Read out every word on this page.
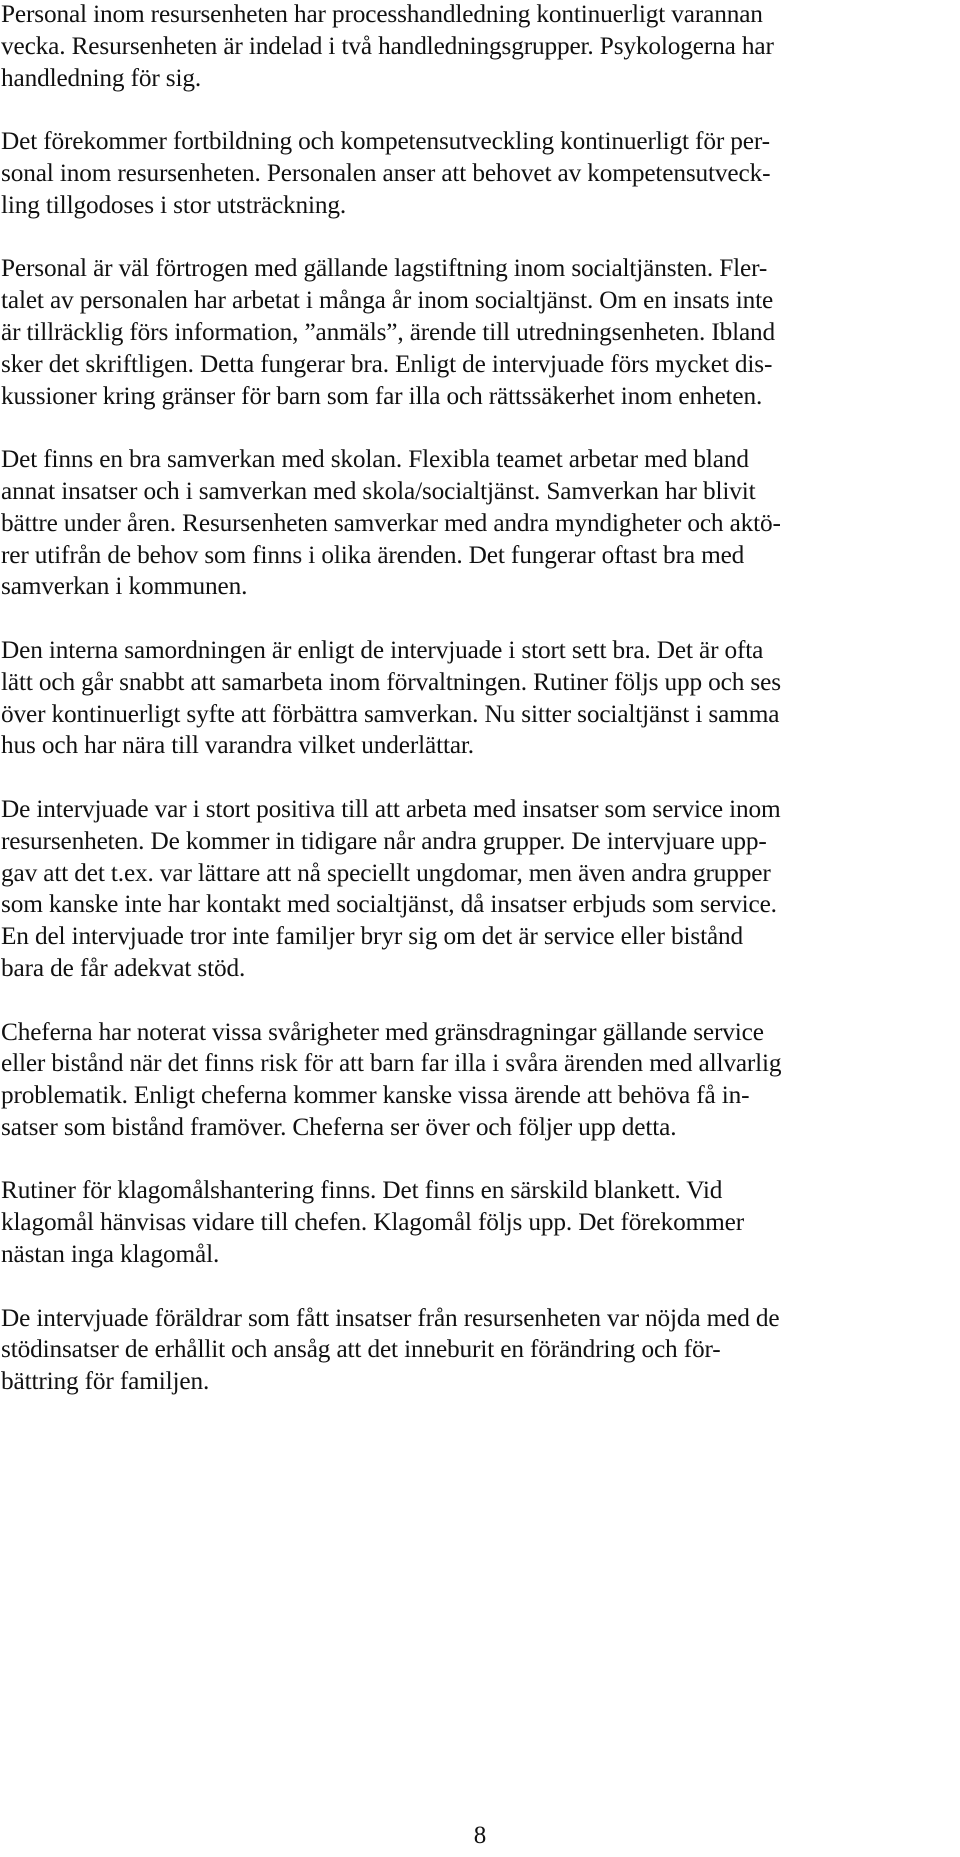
Personal inom resursenheten har processhandledning kontinuerligt varannan
vecka. Resursenheten är indelad i två handledningsgrupper. Psykologerna har
handledning för sig.

Det förekommer fortbildning och kompetensutveckling kontinuerligt för per-
sonal inom resursenheten. Personalen anser att behovet av kompetensutveck-
ling tillgodoses i stor utsträckning.

Personal är väl förtrogen med gällande lagstiftning inom socialtjänsten. Fler-
talet av personalen har arbetat i många år inom socialtjänst. Om en insats inte
är tillräcklig förs information, ”anmäls”, ärende till utredningsenheten. Ibland
sker det skriftligen. Detta fungerar bra. Enligt de intervjuade förs mycket dis-
kussioner kring gränser för barn som far illa och rättssäkerhet inom enheten.

Det finns en bra samverkan med skolan. Flexibla teamet arbetar med bland
annat insatser och i samverkan med skola/socialtjänst. Samverkan har blivit
bättre under åren. Resursenheten samverkar med andra myndigheter och aktö-
rer utifrån de behov som finns i olika ärenden. Det fungerar oftast bra med
samverkan i kommunen.

Den interna samordningen är enligt de intervjuade i stort sett bra. Det är ofta
lätt och går snabbt att samarbeta inom förvaltningen. Rutiner följs upp och ses
över kontinuerligt syfte att förbättra samverkan. Nu sitter socialtjänst i samma
hus och har nära till varandra vilket underlättar.

De intervjuade var i stort positiva till att arbeta med insatser som service inom
resursenheten. De kommer in tidigare når andra grupper. De intervjuare upp-
gav att det t.ex. var lättare att nå speciellt ungdomar, men även andra grupper
som kanske inte har kontakt med socialtjänst, då insatser erbjuds som service.
En del intervjuade tror inte familjer bryr sig om det är service eller bistånd
bara de får adekvat stöd.

Cheferna har noterat vissa svårigheter med gränsdragningar gällande service
eller bistånd när det finns risk för att barn far illa i svåra ärenden med allvarlig
problematik. Enligt cheferna kommer kanske vissa ärende att behöva få in-
satser som bistånd framöver. Cheferna ser över och följer upp detta.

Rutiner för klagomålshantering finns. Det finns en särskild blankett. Vid
klagomål hänvisas vidare till chefen. Klagomål följs upp. Det förekommer
nästan inga klagomål.

De intervjuade föräldrar som fått insatser från resursenheten var nöjda med de
stödinsatser de erhållit och ansåg att det inneburit en förändring och för-
bättring för familjen.

8
